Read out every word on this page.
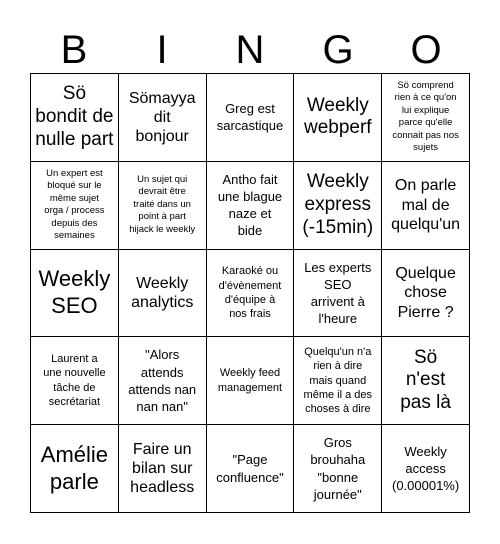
B	I	N	G	O
Sö
bondit de
nulle part
Sömayya
dit
bonjour
Greg est
sarcastique
Weekly
webperf
Sö comprend
rien à ce qu'on
lui explique
parce qu'elle
connait pas nos
sujets
Un expert est
bloqué sur le
même sujet
orga / process
depuis des
semaines
Un sujet qui
devrait être
traité dans un
point à part
hijack le weekly
Antho fait
une blague
naze et
bide
Weekly
express
(-15min)
On parle
mal de
quelqu'un
Weekly
SEO
Weekly
analytics
Karaoké ou
d'évènement
d'équipe à
nos frais
Les experts
SEO
arrivent à
l'heure
Quelque
chose
Pierre ?
Laurent a
une nouvelle
tâche de
secrétariat
"Alors
attends
attends nan
nan nan"
Weekly feed
management
Quelqu'un n'a
rien à dire
mais quand
même il a des
choses à dire
Sö
n'est
pas là
Amélie
parle
Faire un
bilan sur
headless
"Page
confluence"
Gros
brouhaha
"bonne
journée"
Weekly
access
(0.00001%)
